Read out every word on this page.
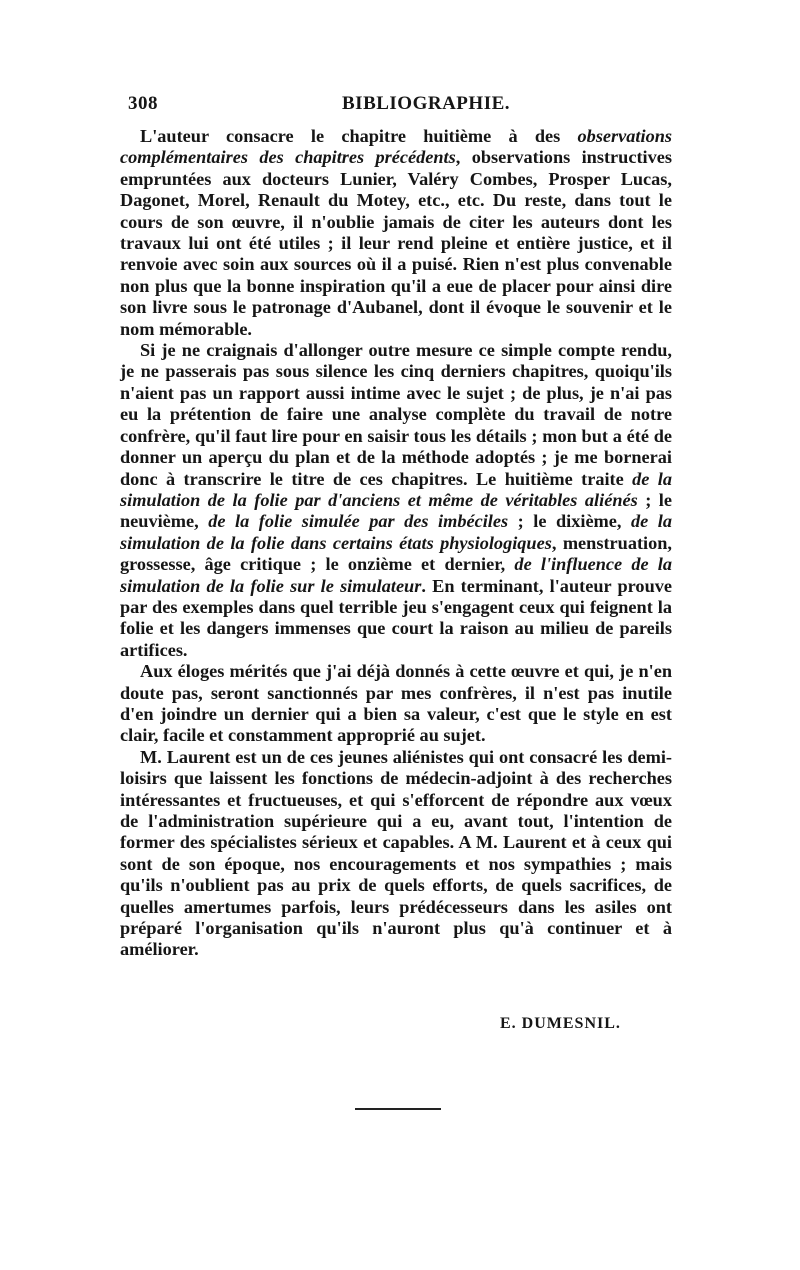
308	BIBLIOGRAPHIE.

L'auteur consacre le chapitre huitième à des observations complémentaires des chapitres précédents, observations instructives empruntées aux docteurs Lunier, Valéry Combes, Prosper Lucas, Dagonet, Morel, Renault du Motey, etc., etc. Du reste, dans tout le cours de son œuvre, il n'oublie jamais de citer les auteurs dont les travaux lui ont été utiles ; il leur rend pleine et entière justice, et il renvoie avec soin aux sources où il a puisé. Rien n'est plus convenable non plus que la bonne inspiration qu'il a eue de placer pour ainsi dire son livre sous le patronage d'Aubanel, dont il évoque le souvenir et le nom mémorable.

Si je ne craignais d'allonger outre mesure ce simple compte rendu, je ne passerais pas sous silence les cinq derniers chapitres, quoiqu'ils n'aient pas un rapport aussi intime avec le sujet ; de plus, je n'ai pas eu la prétention de faire une analyse complète du travail de notre confrère, qu'il faut lire pour en saisir tous les détails ; mon but a été de donner un aperçu du plan et de la méthode adoptés ; je me bornerai donc à transcrire le titre de ces chapitres. Le huitième traite de la simulation de la folie par d'anciens et même de véritables aliénés ; le neuvième, de la folie simulée par des imbéciles ; le dixième, de la simulation de la folie dans certains états physiologiques, menstruation, grossesse, âge critique ; le onzième et dernier, de l'influence de la simulation de la folie sur le simulateur. En terminant, l'auteur prouve par des exemples dans quel terrible jeu s'engagent ceux qui feignent la folie et les dangers immenses que court la raison au milieu de pareils artifices.

Aux éloges mérités que j'ai déjà donnés à cette œuvre et qui, je n'en doute pas, seront sanctionnés par mes confrères, il n'est pas inutile d'en joindre un dernier qui a bien sa valeur, c'est que le style en est clair, facile et constamment approprié au sujet.

M. Laurent est un de ces jeunes aliénistes qui ont consacré les demi-loisirs que laissent les fonctions de médecin-adjoint à des recherches intéressantes et fructueuses, et qui s'efforcent de répondre aux vœux de l'administration supérieure qui a eu, avant tout, l'intention de former des spécialistes sérieux et capables. A M. Laurent et à ceux qui sont de son époque, nos encouragements et nos sympathies ; mais qu'ils n'oublient pas au prix de quels efforts, de quels sacrifices, de quelles amertumes parfois, leurs prédécesseurs dans les asiles ont préparé l'organisation qu'ils n'auront plus qu'à continuer et à améliorer.

E. DUMESNIL.
